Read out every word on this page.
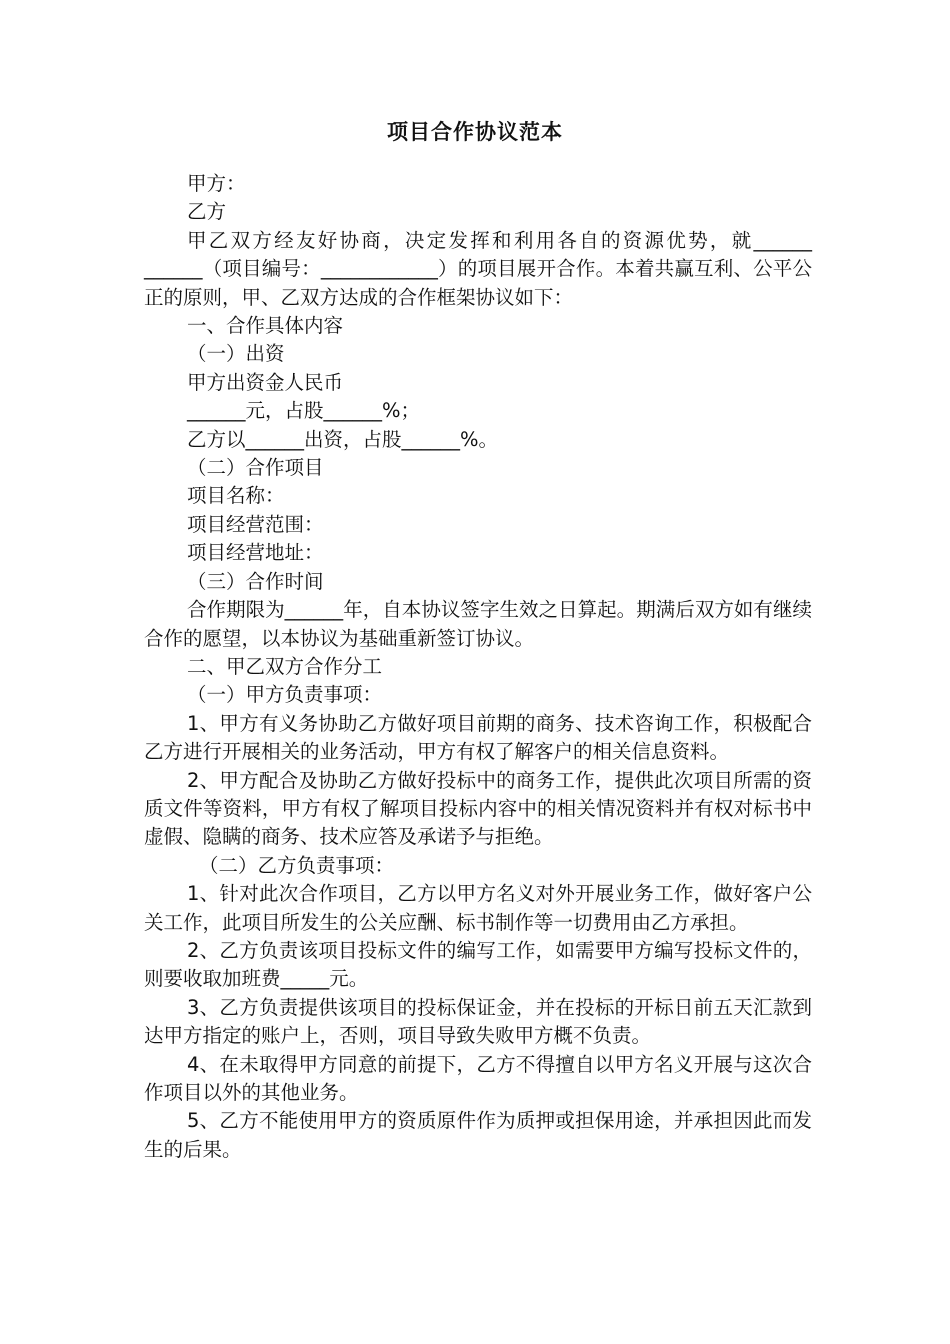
项目合作协议范本

甲方：

乙方

甲乙双方经友好协商，决定发挥和利用各自的资源优势，就______ ______（项目编号：____________）的项目展开合作。本着共赢互利、公平公正的原则，甲、乙双方达成的合作框架协议如下：

一、合作具体内容

（一）出资

甲方出资金人民币

______元，占股______%；

乙方以______出资，占股______%。

（二）合作项目

项目名称：

项目经营范围：

项目经营地址：

（三）合作时间

合作期限为______年，自本协议签字生效之日算起。期满后双方如有继续合作的愿望，以本协议为基础重新签订协议。

二、甲乙双方合作分工

（一）甲方负责事项：

1、甲方有义务协助乙方做好项目前期的商务、技术咨询工作，积极配合乙方进行开展相关的业务活动，甲方有权了解客户的相关信息资料。

2、甲方配合及协助乙方做好投标中的商务工作，提供此次项目所需的资质文件等资料，甲方有权了解项目投标内容中的相关情况资料并有权对标书中虚假、隐瞒的商务、技术应答及承诺予与拒绝。

（二）乙方负责事项：

1、针对此次合作项目，乙方以甲方名义对外开展业务工作，做好客户公关工作，此项目所发生的公关应酬、标书制作等一切费用由乙方承担。

2、乙方负责该项目投标文件的编写工作，如需要甲方编写投标文件的，则要收取加班费_____元。

3、乙方负责提供该项目的投标保证金，并在投标的开标日前五天汇款到达甲方指定的账户上，否则，项目导致失败甲方概不负责。

4、在未取得甲方同意的前提下，乙方不得擅自以甲方名义开展与这次合作项目以外的其他业务。

5、乙方不能使用甲方的资质原件作为质押或担保用途，并承担因此而发生的后果。
